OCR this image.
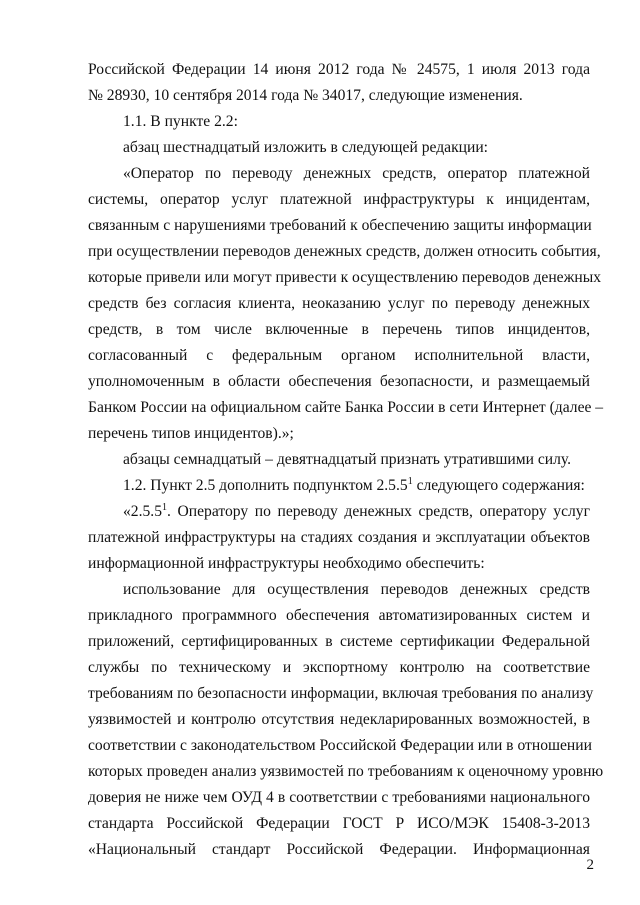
Российской Федерации 14 июня 2012 года № 24575, 1 июля 2013 года
№ 28930, 10 сентября 2014 года № 34017, следующие изменения.
1.1. В пункте 2.2:
абзац шестнадцатый изложить в следующей редакции:
«Оператор по переводу денежных средств, оператор платежной
системы, оператор услуг платежной инфраструктуры к инцидентам,
связанным с нарушениями требований к обеспечению защиты информации
при осуществлении переводов денежных средств, должен относить события,
которые привели или могут привести к осуществлению переводов денежных
средств без согласия клиента, неоказанию услуг по переводу денежных
средств, в том числе включенные в перечень типов инцидентов,
согласованный с федеральным органом исполнительной власти,
уполномоченным в области обеспечения безопасности, и размещаемый
Банком России на официальном сайте Банка России в сети Интернет (далее –
перечень типов инцидентов).»;
абзацы семнадцатый – девятнадцатый признать утратившими силу.
1.2. Пункт 2.5 дополнить подпунктом 2.5.5$^1$ следующего содержания:
«2.5.5$^1$. Оператору по переводу денежных средств, оператору услуг
платежной инфраструктуры на стадиях создания и эксплуатации объектов
информационной инфраструктуры необходимо обеспечить:
использование для осуществления переводов денежных средств
прикладного программного обеспечения автоматизированных систем и
приложений, сертифицированных в системе сертификации Федеральной
службы по техническому и экспортному контролю на соответствие
требованиям по безопасности информации, включая требования по анализу
уязвимостей и контролю отсутствия недекларированных возможностей, в
соответствии с законодательством Российской Федерации или в отношении
которых проведен анализ уязвимостей по требованиям к оценочному уровню
доверия не ниже чем ОУД 4 в соответствии с требованиями национального
стандарта Российской Федерации ГОСТ Р ИСО/МЭК 15408-3-2013
«Национальный стандарт Российской Федерации. Информационная
2
